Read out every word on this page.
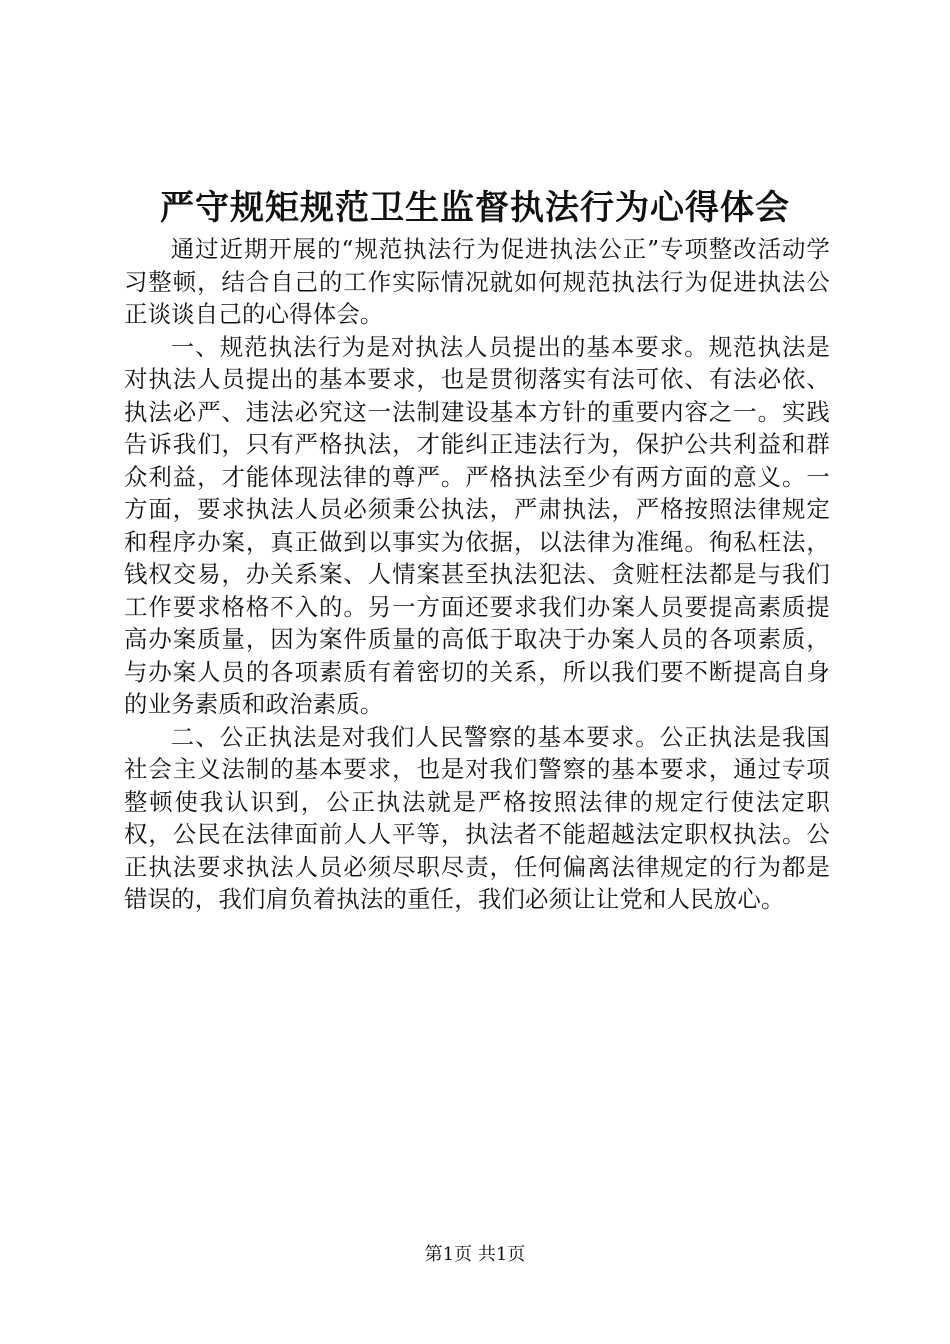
严守规矩规范卫生监督执法行为心得体会

通过近期开展的“规范执法行为促进执法公正”专项整改活动学习整顿，结合自己的工作实际情况就如何规范执法行为促进执法公正谈谈自己的心得体会。

一、规范执法行为是对执法人员提出的基本要求。规范执法是对执法人员提出的基本要求，也是贯彻落实有法可依、有法必依、执法必严、违法必究这一法制建设基本方针的重要内容之一。实践告诉我们，只有严格执法，才能纠正违法行为，保护公共利益和群众利益，才能体现法律的尊严。严格执法至少有两方面的意义。一方面，要求执法人员必须秉公执法，严肃执法，严格按照法律规定和程序办案，真正做到以事实为依据，以法律为准绳。徇私枉法，钱权交易，办关系案、人情案甚至执法犯法、贪赃枉法都是与我们工作要求格格不入的。另一方面还要求我们办案人员要提高素质提高办案质量，因为案件质量的高低于取决于办案人员的各项素质，与办案人员的各项素质有着密切的关系，所以我们要不断提高自身的业务素质和政治素质。

二、公正执法是对我们人民警察的基本要求。公正执法是我国社会主义法制的基本要求，也是对我们警察的基本要求，通过专项整顿使我认识到，公正执法就是严格按照法律的规定行使法定职权，公民在法律面前人人平等，执法者不能超越法定职权执法。公正执法要求执法人员必须尽职尽责，任何偏离法律规定的行为都是错误的，我们肩负着执法的重任，我们必须让让党和人民放心。

第1页 共1页
